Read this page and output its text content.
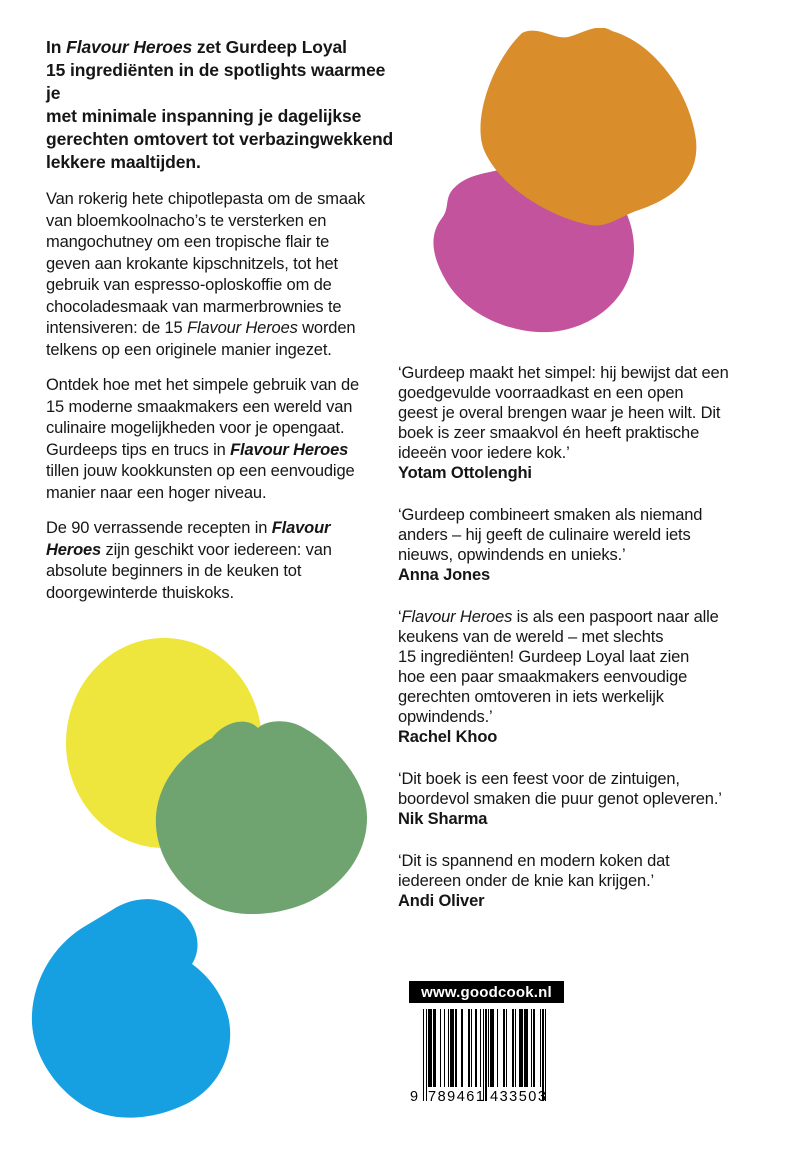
In Flavour Heroes zet Gurdeep Loyal
15 ingrediënten in de spotlights waarmee je
met minimale inspanning je dagelijkse
gerechten omtovert tot verbazingwekkend
lekkere maaltijden.

Van rokerig hete chipotlepasta om de smaak
van bloemkoolnacho’s te versterken en
mangochutney om een tropische flair te
geven aan krokante kipschnitzels, tot het
gebruik van espresso-oploskoffie om de
chocoladesmaak van marmerbrownies te
intensiveren: de 15 Flavour Heroes worden
telkens op een originele manier ingezet.

Ontdek hoe met het simpele gebruik van de
15 moderne smaakmakers een wereld van
culinaire mogelijkheden voor je opengaat.
Gurdeeps tips en trucs in Flavour Heroes
tillen jouw kookkunsten op een eenvoudige
manier naar een hoger niveau.

De 90 verrassende recepten in Flavour
Heroes zijn geschikt voor iedereen: van
absolute beginners in de keuken tot
doorgewinterde thuiskoks.

‘Gurdeep maakt het simpel: hij bewijst dat een
goedgevulde voorraadkast en een open
geest je overal brengen waar je heen wilt. Dit
boek is zeer smaakvol én heeft praktische
ideeën voor iedere kok.’

Yotam Ottolenghi

‘Gurdeep combineert smaken als niemand
anders – hij geeft de culinaire wereld iets
nieuws, opwindends en unieks.’

Anna Jones

‘Flavour Heroes is als een paspoort naar alle
keukens van de wereld – met slechts
15 ingrediënten! Gurdeep Loyal laat zien
hoe een paar smaakmakers eenvoudige
gerechten omtoveren in iets werkelijk
opwindends.’

Rachel Khoo

‘Dit boek is een feest voor de zintuigen,
boordevol smaken die puur genot opleveren.’

Nik Sharma

‘Dit is spannend en modern koken dat
iedereen onder de knie kan krijgen.’

Andi Oliver

www.goodcook.nl
9 789461 433503
